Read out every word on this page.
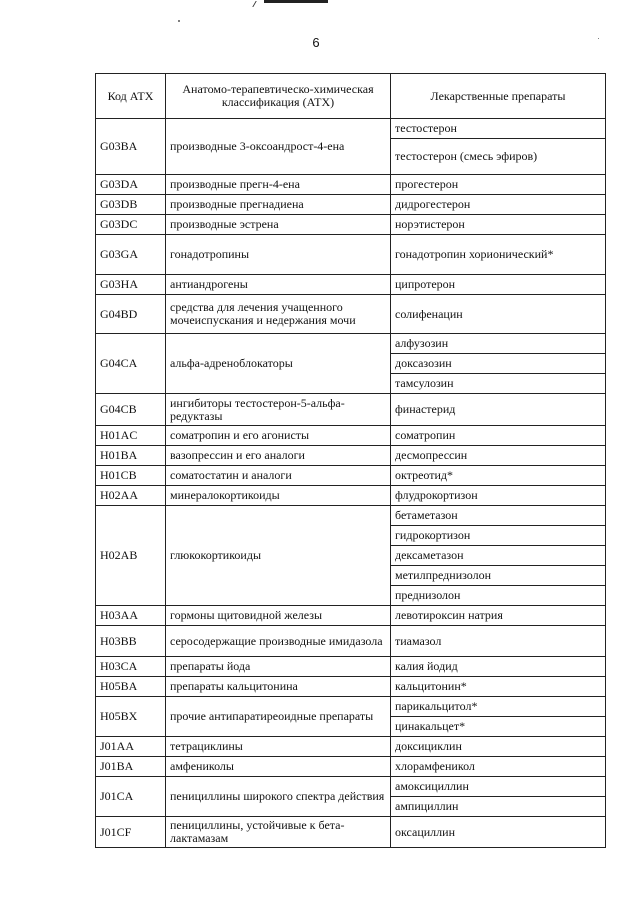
6
Код АТХ	Анатомо-терапевтическо-химическая классификация (АТХ)	Лекарственные препараты
G03BA	производные 3-оксоандрост-4-ена	тестостерон
		тестостерон (смесь эфиров)
G03DA	производные прегн-4-ена	прогестерон
G03DB	производные прегнадиена	дидрогестерон
G03DC	производные эстрена	норэтистерон
G03GA	гонадотропины	гонадотропин хорионический*
G03HA	антиандрогены	ципротерон
G04BD	средства для лечения учащенного мочеиспускания и недержания мочи	солифенацин
G04CA	альфа-адреноблокаторы	алфузозин
		доксазозин
		тамсулозин
G04CB	ингибиторы тестостерон-5-альфа-редуктазы	финастерид
H01AC	соматропин и его агонисты	соматропин
H01BA	вазопрессин и его аналоги	десмопрессин
H01CB	соматостатин и аналоги	октреотид*
H02AA	минералокортикоиды	флудрокортизон
H02AB	глюкокортикоиды	бетаметазон
		гидрокортизон
		дексаметазон
		метилпреднизолон
		преднизолон
H03AA	гормоны щитовидной железы	левотироксин натрия
H03BB	серосодержащие производные имидазола	тиамазол
H03CA	препараты йода	калия йодид
H05BA	препараты кальцитонина	кальцитонин*
H05BX	прочие антипаратиреоидные препараты	парикальцитол*
		цинакальцет*
J01AA	тетрациклины	доксициклин
J01BA	амфениколы	хлорамфеникол
J01CA	пенициллины широкого спектра действия	амоксициллин
		ампициллин
J01CF	пенициллины, устойчивые к бета-лактамазам	оксациллин
